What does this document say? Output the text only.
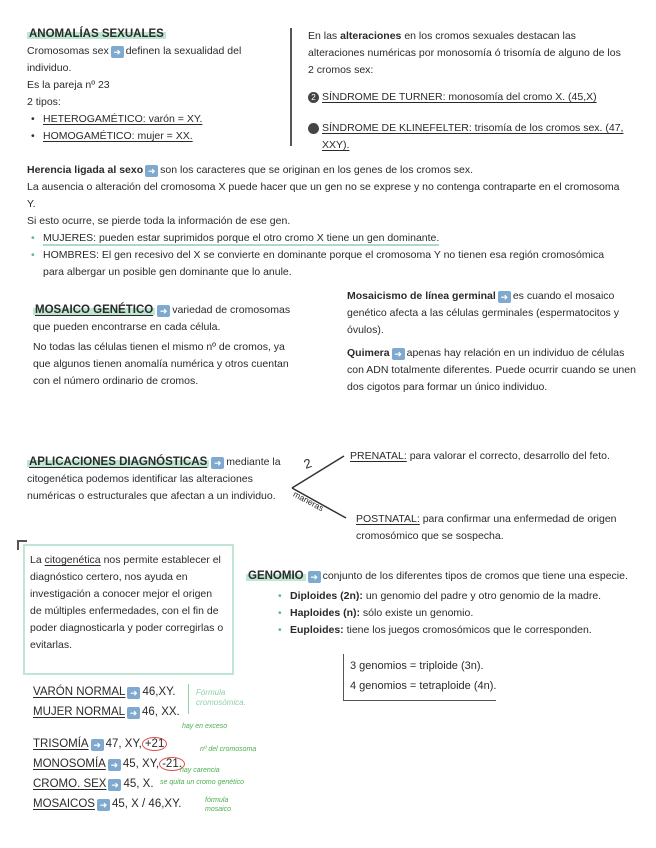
ANOMALÍAS SEXUALES
Cromosomas sex ➜ definen la sexualidad del individuo.
Es la pareja nº 23
2 tipos:
• HETEROGAMÉTICO: varón = XY.
• HOMOGAMÉTICO: mujer = XX.
En las alteraciones en los cromos sexuales destacan las alteraciones numéricas por monosomía ó trisomía de alguno de los 2 cromos sex:
2 SÍNDROME DE TURNER: monosomía del cromo X. (45,X)
1 SÍNDROME DE KLINEFELTER: trisomía de los cromos sex. (47, XXY).
Herencia ligada al sexo ➜ son los caracteres que se originan en los genes de los cromos sex.
La ausencia o alteración del cromosoma X puede hacer que un gen no se exprese y no contenga contraparte en el cromosoma Y.
Si esto ocurre, se pierde toda la información de ese gen.
• MUJERES: pueden estar suprimidos porque el otro cromo X tiene un gen dominante.
• HOMBRES: El gen recesivo del X se convierte en dominante porque el cromosoma Y no tienen esa región cromosómica para albergar un posible gen dominante que lo anule.
MOSAICO GENÉTICO ➜ variedad de cromosomas que pueden encontrarse en cada célula.
No todas las células tienen el mismo nº de cromos, ya que algunos tienen anomalía numérica y otros cuentan con el número ordinario de cromos.
Mosaicismo de línea germinal ➜ es cuando el mosaico genético afecta a las células germinales (espermatocitos y óvulos).
Quimera ➜ apenas hay relación en un individuo de células con ADN totalmente diferentes. Puede ocurrir cuando se unen dos cigotos para formar un único individuo.
APLICACIONES DIAGNÓSTICAS ➜ mediante la citogenética podemos identificar las alteraciones numéricas o estructurales que afectan a un individuo.
2
maneras
PRENATAL: para valorar el correcto, desarrollo del feto.
POSTNATAL: para confirmar una enfermedad de origen cromosómico que se sospecha.
La citogenética nos permite establecer el diagnóstico certero, nos ayuda en investigación a conocer mejor el origen de múltiples enfermedades, con el fin de poder diagnosticarla y poder corregirlas o evitarlas.
GENOMIO ➜ conjunto de los diferentes tipos de cromos que tiene una especie.
• Diploides (2n): un genomio del padre y otro genomio de la madre.
• Haploides (n): sólo existe un genomio.
• Euploides: tiene los juegos cromosómicos que le corresponden.
3 genomios = triploide (3n).
4 genomios = tetraploide (4n).
VARÓN NORMAL ➜ 46,XY.
MUJER NORMAL ➜ 46, XX.
TRISOMÍA ➜ 47, XY, +21
MONOSOMÍA ➜ 45, XY, -21.
CROMO. SEX ➜ 45, X.
MOSAICOS ➜ 45, X / 46,XY.
Fórmula cromosómica.
hay en exceso
nº del cromosoma
hay carencia
se quita un cromo genético
fórmula mosaico
